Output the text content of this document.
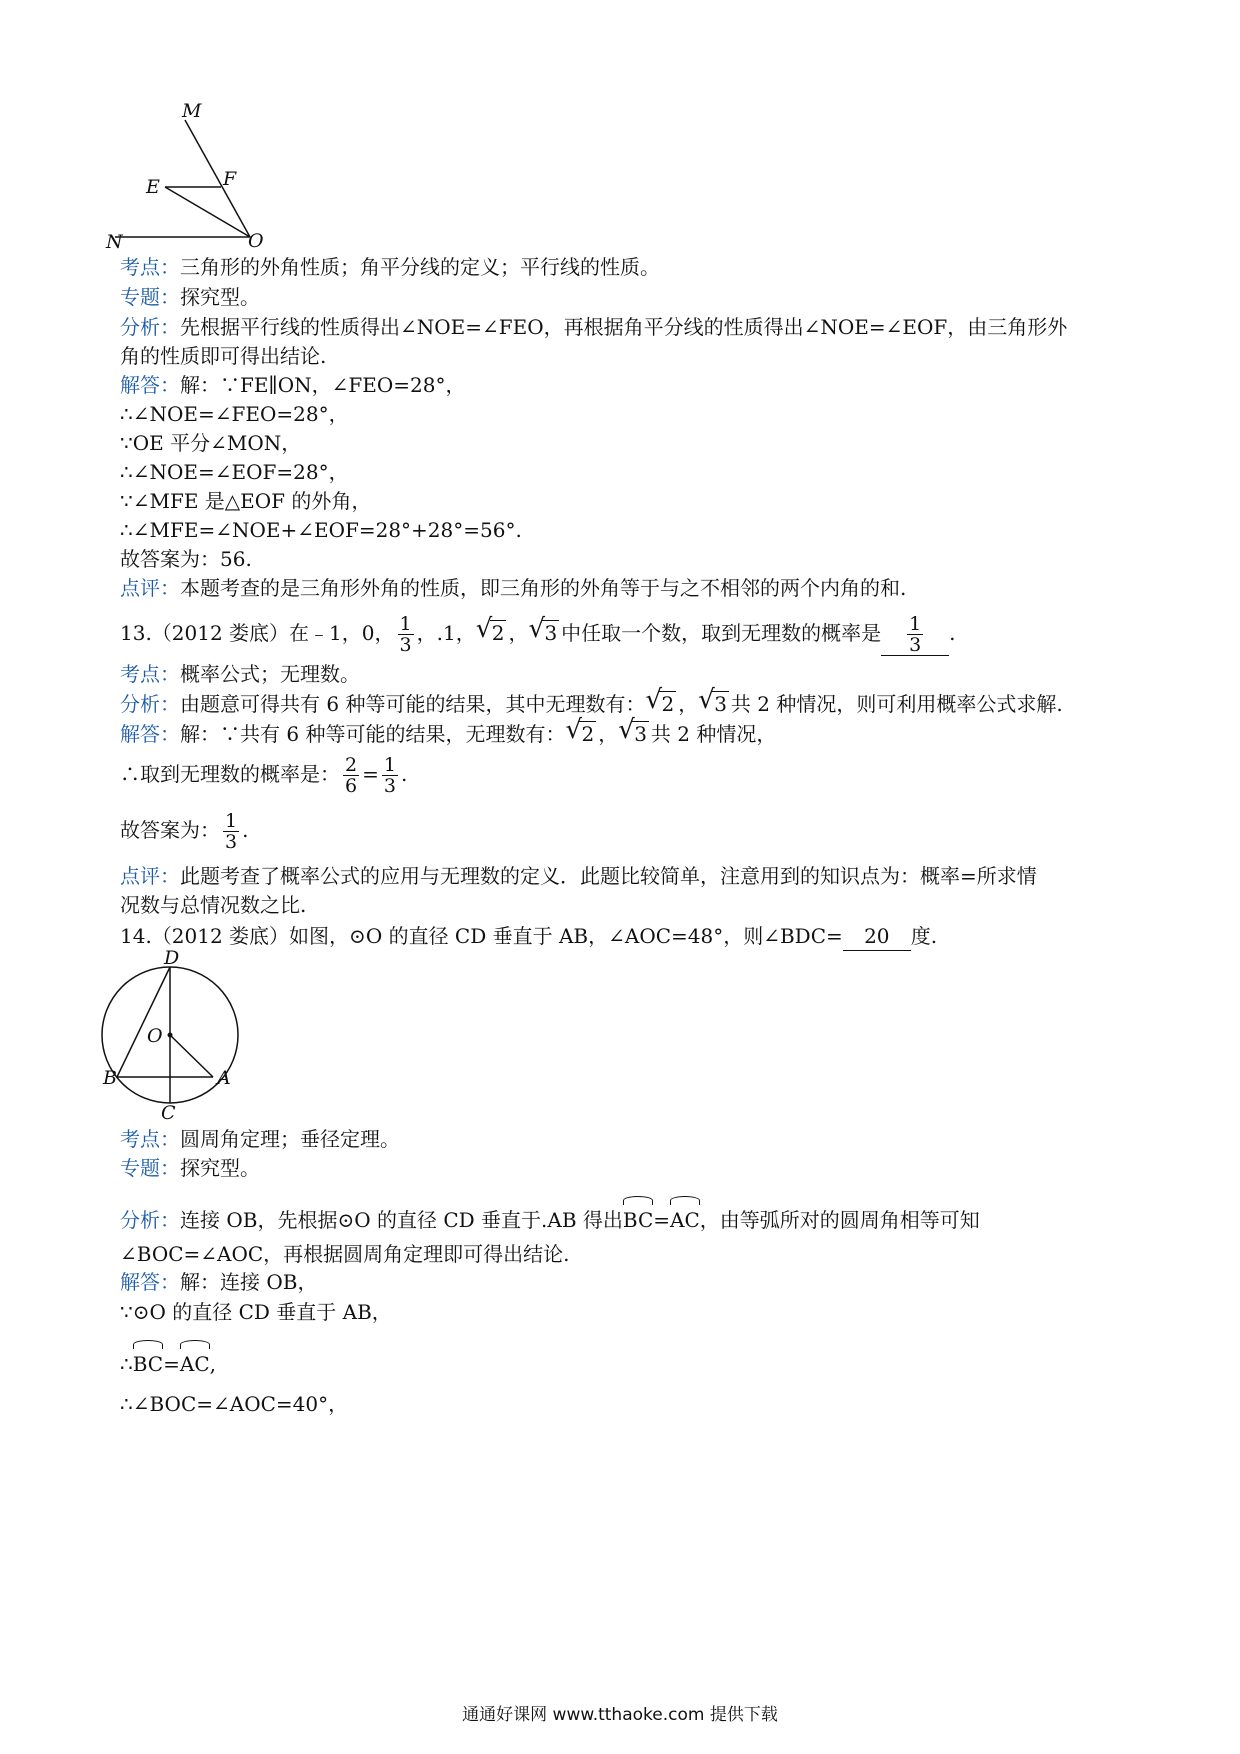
M
E	F
N	O
考点：三角形的外角性质；角平分线的定义；平行线的性质。
专题：探究型。
分析：先根据平行线的性质得出∠NOE=∠FEO，再根据角平分线的性质得出∠NOE=∠EOF，由三角形外
角的性质即可得出结论.
解答：解：∵FE∥ON，∠FEO=28°，
∴∠NOE=∠FEO=28°，
∵OE 平分∠MON，
∴∠NOE=∠EOF=28°，
∵∠MFE 是△EOF 的外角，
∴∠MFE=∠NOE+∠EOF=28°+28°=56°.
故答案为：56.
点评：本题考查的是三角形外角的性质，即三角形的外角等于与之不相邻的两个内角的和.
13.（2012 娄底）在﹣1，0， $\frac{1}{3}$ ，.1， √ 2 ， √ 3 中任取一个数，取到无理数的概率是 $\frac{1}{3}$ .
考点：概率公式；无理数。
分析：由题意可得共有 6 种等可能的结果，其中无理数有： √ 2 ， √ 3 共 2 种情况，则可利用概率公式求解.
解答：解：∵共有 6 种等可能的结果，无理数有： √ 2 ， √ 3 共 2 种情况，
∴取到无理数的概率是： $\frac{2}{6} = \frac{1}{3}$ .
故答案为： $\frac{1}{3}$ .
点评：此题考查了概率公式的应用与无理数的定义．此题比较简单，注意用到的知识点为：概率=所求情
况数与总情况数之比.
14.（2012 娄底）如图，⊙O 的直径 CD 垂直于 AB，∠AOC=48°，则∠BDC= 20 度.
D
O
B	A
C
考点：圆周角定理；垂径定理。
专题：探究型。
分析：连接 OB，先根据⊙O 的直径 CD 垂直于.AB 得出BC=AC，由等弧所对的圆周角相等可知
∠BOC=∠AOC，再根据圆周角定理即可得出结论.
解答：解：连接 OB，
∵⊙O 的直径 CD 垂直于 AB，
∴BC=AC,
∴∠BOC=∠AOC=40°，
通通好课网 www.tthaoke.com 提供下载
